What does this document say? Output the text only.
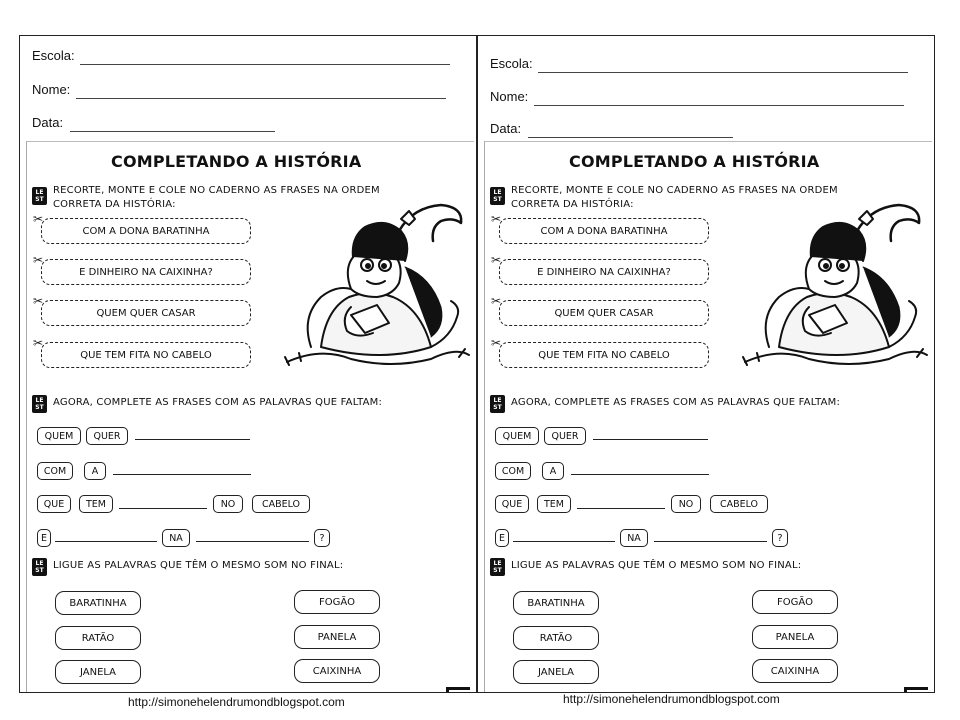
Escola:
Nome:
Data:
COMPLETANDO A HISTÓRIA
LE
ST
RECORTE, MONTE E COLE NO CADERNO AS FRASES NA ORDEM
CORRETA DA HISTÓRIA:
✂
COM A DONA BARATINHA
✂
E DINHEIRO NA CAIXINHA?
✂
QUEM QUER CASAR
✂
QUE TEM FITA NO CABELO
LE
ST AGORA, COMPLETE AS FRASES COM AS PALAVRAS QUE FALTAM:
QUEM	QUER
COM	A
QUE	TEM	NO	CABELO
E	NA	?
LE
ST LIGUE AS PALAVRAS QUE TÊM O MESMO SOM NO FINAL:
BARATINHA
RATÃO
JANELA
FOGÃO
PANELA
CAIXINHA
Escola:
Nome:
Data:
COMPLETANDO A HISTÓRIA
LE
ST
RECORTE, MONTE E COLE NO CADERNO AS FRASES NA ORDEM
CORRETA DA HISTÓRIA:
✂
COM A DONA BARATINHA
✂
E DINHEIRO NA CAIXINHA?
✂
QUEM QUER CASAR
✂
QUE TEM FITA NO CABELO
LE
ST AGORA, COMPLETE AS FRASES COM AS PALAVRAS QUE FALTAM:
QUEM	QUER
COM	A
QUE	TEM	NO	CABELO
E	NA	?
LE
ST LIGUE AS PALAVRAS QUE TÊM O MESMO SOM NO FINAL:
BARATINHA
RATÃO
JANELA
FOGÃO
PANELA
CAIXINHA
http://simonehelendrumondblogspot.com	http://simonehelendrumondblogspot.com
